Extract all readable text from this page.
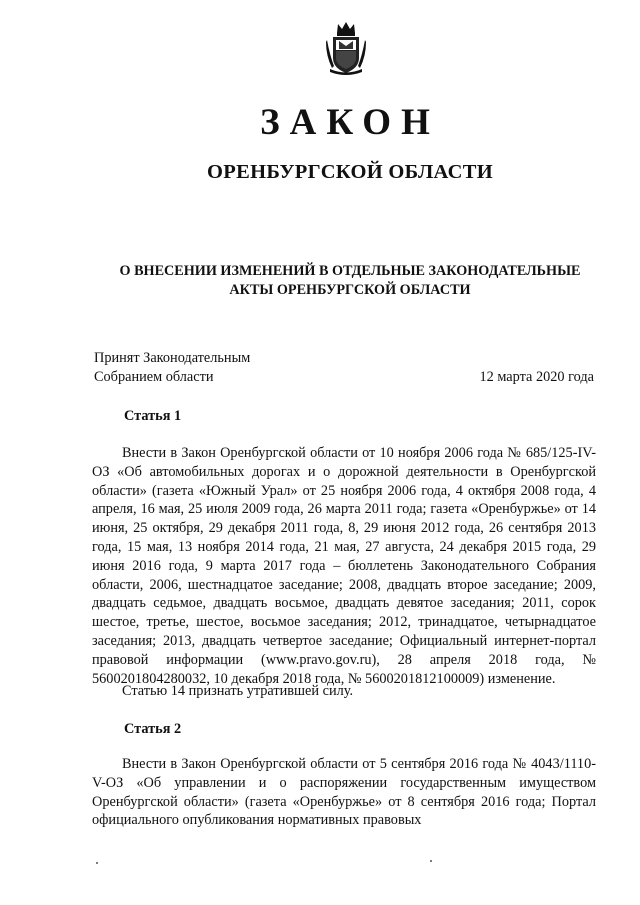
ЗАКОН
ОРЕНБУРГСКОЙ ОБЛАСТИ
О ВНЕСЕНИИ ИЗМЕНЕНИЙ В ОТДЕЛЬНЫЕ ЗАКОНОДАТЕЛЬНЫЕ
АКТЫ ОРЕНБУРГСКОЙ ОБЛАСТИ
Принят Законодательным
Собранием области	12 марта 2020 года
Статья 1

Внести в Закон Оренбургской области от 10 ноября 2006 года № 685/125-IV-ОЗ «Об автомобильных дорогах и о дорожной деятельности в Оренбургской области» (газета «Южный Урал» от 25 ноября 2006 года, 4 октября 2008 года, 4 апреля, 16 мая, 25 июля 2009 года, 26 марта 2011 года; газета «Оренбуржье» от 14 июня, 25 октября, 29 декабря 2011 года, 8, 29 июня 2012 года, 26 сентября 2013 года, 15 мая, 13 ноября 2014 года, 21 мая, 27 августа, 24 декабря 2015 года, 29 июня 2016 года, 9 марта 2017 года – бюллетень Законодательного Собрания области, 2006, шестнадцатое заседание; 2008, двадцать второе заседание; 2009, двадцать седьмое, двадцать восьмое, двадцать девятое заседания; 2011, сорок шестое, третье, шестое, восьмое заседания; 2012, тринадцатое, четырнадцатое заседания; 2013, двадцать четвертое заседание; Официальный интернет-портал правовой информации (www.pravo.gov.ru), 28 апреля 2018 года, № 5600201804280032, 10 декабря 2018 года, № 5600201812100009) изменение.

Статью 14 признать утратившей силу.

Статья 2

Внести в Закон Оренбургской области от 5 сентября 2016 года № 4043/1110-V-ОЗ «Об управлении и о распоряжении государственным имуществом Оренбургской области» (газета «Оренбуржье» от 8 сентября 2016 года; Портал официального опубликования нормативных правовых
